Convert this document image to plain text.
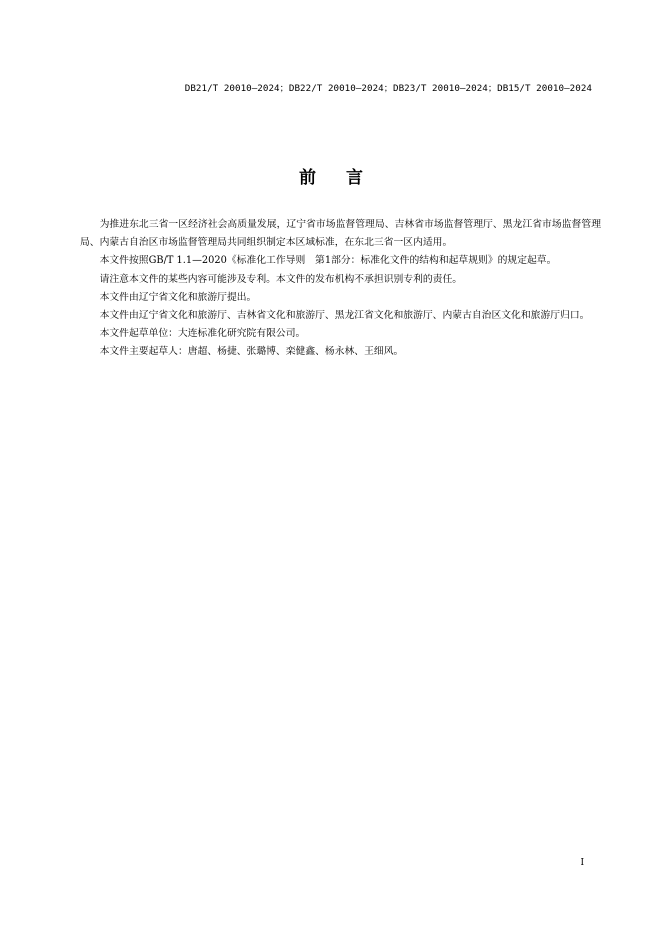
DB21/T 20010—2024；DB22/T 20010—2024；DB23/T 20010—2024；DB15/T 20010—2024
前言

为推进东北三省一区经济社会高质量发展，辽宁省市场监督管理局、吉林省市场监督管理厅、黑龙江省市场监督管理局、内蒙古自治区市场监督管理局共同组织制定本区域标准，在东北三省一区内适用。

本文件按照GB/T 1.1—2020《标准化工作导则　第1部分：标准化文件的结构和起草规则》的规定起草。

请注意本文件的某些内容可能涉及专利。本文件的发布机构不承担识别专利的责任。

本文件由辽宁省文化和旅游厅提出。

本文件由辽宁省文化和旅游厅、吉林省文化和旅游厅、黑龙江省文化和旅游厅、内蒙古自治区文化和旅游厅归口。

本文件起草单位：大连标准化研究院有限公司。

本文件主要起草人：唐超、杨捷、张璐博、栾健鑫、杨永林、王细风。

I
